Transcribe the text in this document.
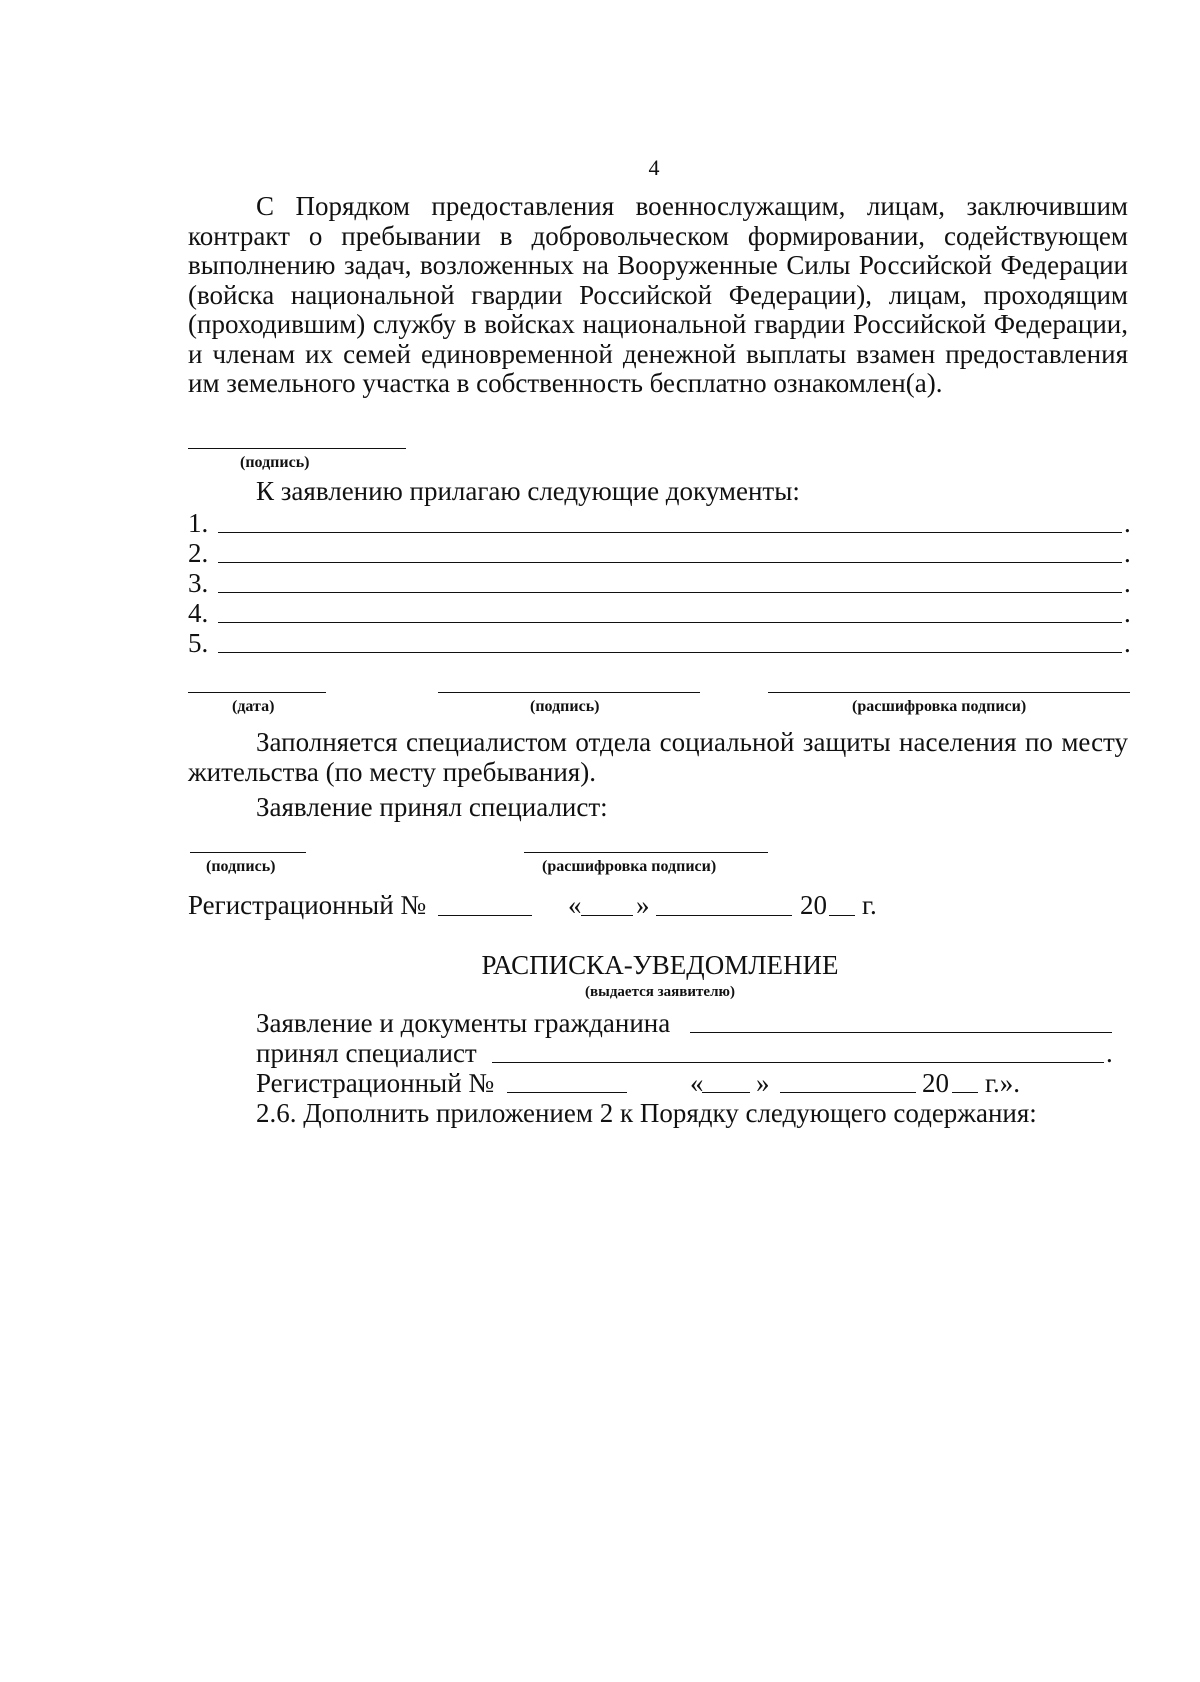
4
С Порядком предоставления военнослужащим, лицам, заключившим контракт о пребывании в добровольческом формировании, содействующем выполнению задач, возложенных на Вооруженные Силы Российской Федерации (войска национальной гвардии Российской Федерации), лицам, проходящим (проходившим) службу в войсках национальной гвардии Российской Федерации, и членам их семей единовременной денежной выплаты взамен предоставления им земельного участка в собственность бесплатно ознакомлен(а).
(подпись)
К заявлению прилагаю следующие документы:
1.	.
2.	.
3.	.
4.	.
5.	.
(дата)	(подпись)	(расшифровка подписи)
Заполняется специалистом отдела социальной защиты населения по месту жительства (по месту пребывания).
Заявление принял специалист:
(подпись)	(расшифровка подписи)
Регистрационный №	« »	20 г.
РАСПИСКА-УВЕДОМЛЕНИЕ
(выдается заявителю)
Заявление и документы гражданина
принял специалист	.
Регистрационный №	« »	20 г.».
2.6. Дополнить приложением 2 к Порядку следующего содержания:
